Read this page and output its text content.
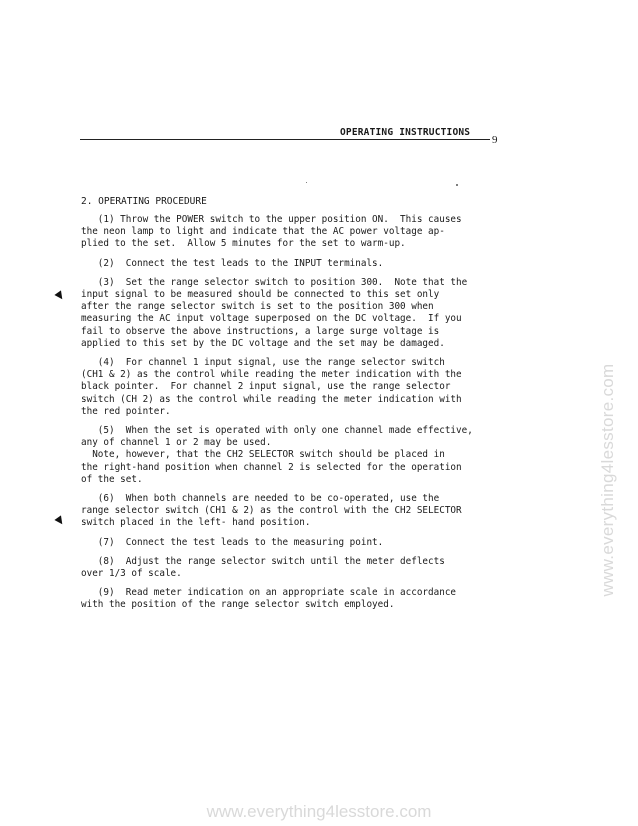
OPERATING INSTRUCTIONS
9
2. OPERATING PROCEDURE

(1) Throw the POWER switch to the upper position ON.  This causes
the neon lamp to light and indicate that the AC power voltage ap-
plied to the set.  Allow 5 minutes for the set to warm-up.

(2)  Connect the test leads to the INPUT terminals.

(3)  Set the range selector switch to position 300.  Note that the
input signal to be measured should be connected to this set only
after the range selector switch is set to the position 300 when
measuring the AC input voltage superposed on the DC voltage.  If you
fail to observe the above instructions, a large surge voltage is
applied to this set by the DC voltage and the set may be damaged.

(4)  For channel 1 input signal, use the range selector switch
(CH1 & 2) as the control while reading the meter indication with the
black pointer.  For channel 2 input signal, use the range selector
switch (CH 2) as the control while reading the meter indication with
the red pointer.

(5)  When the set is operated with only one channel made effective,
any of channel 1 or 2 may be used.
Note, however, that the CH2 SELECTOR switch should be placed in
the right-hand position when channel 2 is selected for the operation
of the set.

(6)  When both channels are needed to be co-operated, use the
range selector switch (CH1 & 2) as the control with the CH2 SELECTOR
switch placed in the left- hand position.

(7)  Connect the test leads to the measuring point.

(8)  Adjust the range selector switch until the meter deflects
over 1/3 of scale.

(9)  Read meter indication on an appropriate scale in accordance
with the position of the range selector switch employed.

www.everything4lesstore.com
www.everything4lesstore.com
